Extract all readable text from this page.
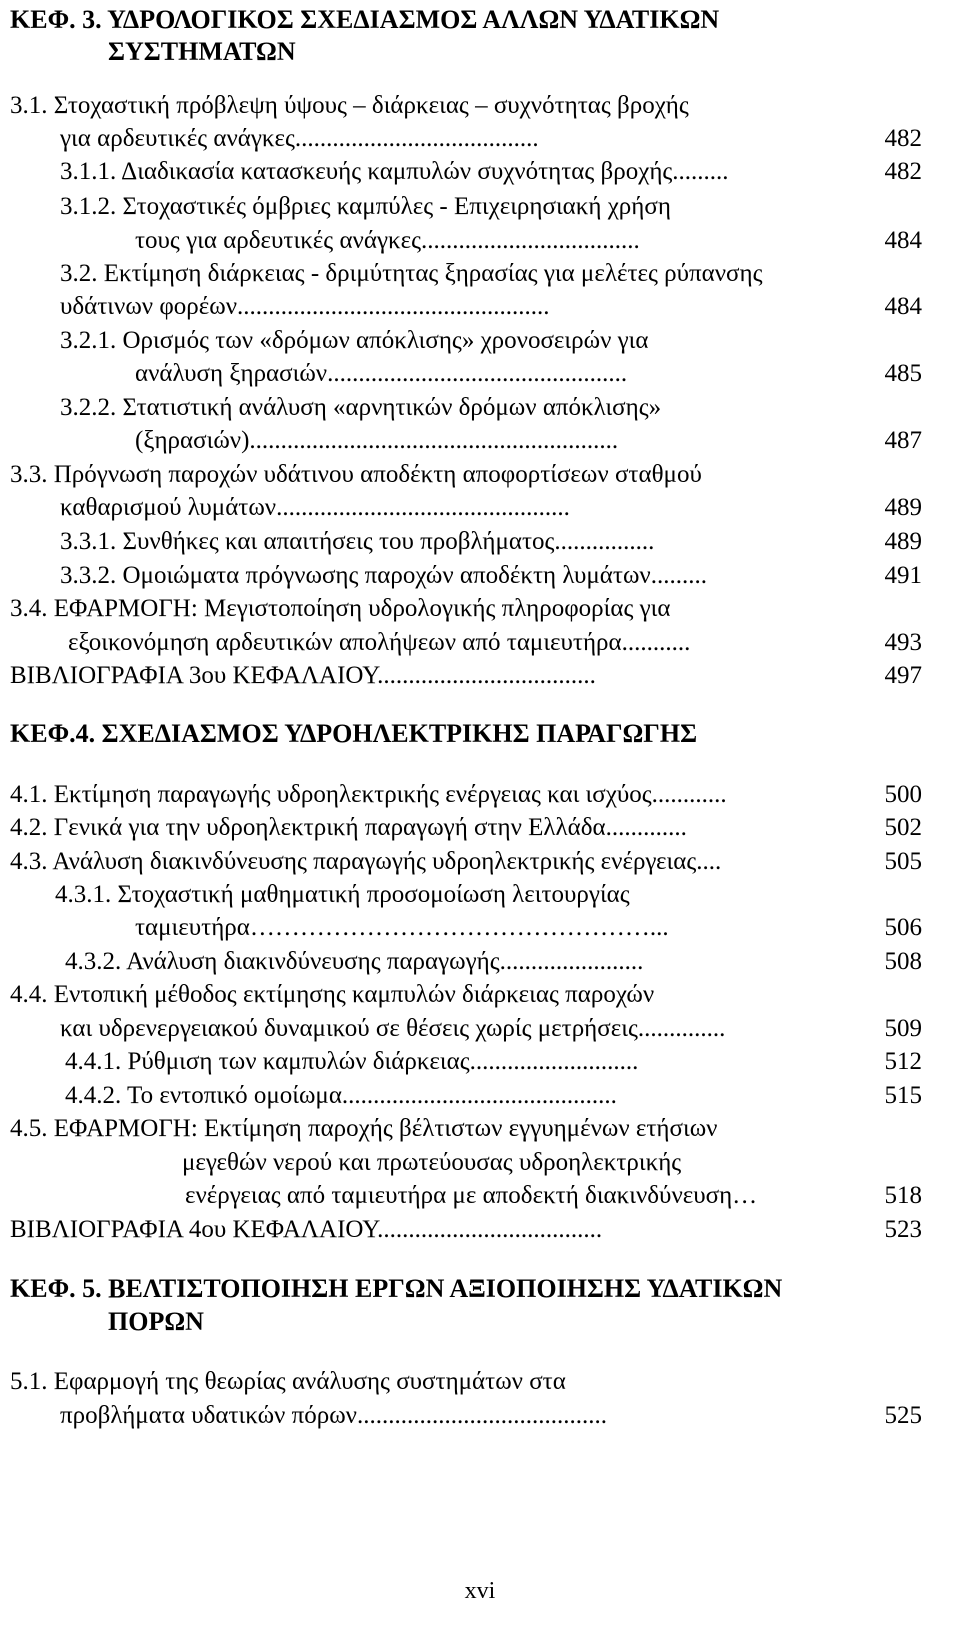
ΚΕΦ. 3. ΥΔΡΟΛΟΓΙΚΟΣ ΣΧΕΔΙΑΣΜΟΣ ΑΛΛΩΝ ΥΔΑΤΙΚΩΝ
ΣΥΣΤΗΜΑΤΩΝ
3.1. Στοχαστική πρόβλεψη ύψους – διάρκειας – συχνότητας βροχής
για αρδευτικές ανάγκες.......................................	482
3.1.1. Διαδικασία κατασκευής καμπυλών συχνότητας βροχής.........	482
3.1.2. Στοχαστικές όμβριες καμπύλες - Επιχειρησιακή χρήση
τους για αρδευτικές ανάγκες...................................	484
3.2. Εκτίμηση διάρκειας - δριμύτητας ξηρασίας για μελέτες ρύπανσης
υδάτινων φορέων..................................................	484
3.2.1. Ορισμός των «δρόμων απόκλισης» χρονοσειρών για
ανάλυση ξηρασιών................................................	485
3.2.2. Στατιστική ανάλυση «αρνητικών δρόμων απόκλισης»
(ξηρασιών)...........................................................	487
3.3. Πρόγνωση παροχών υδάτινου αποδέκτη αποφορτίσεων σταθμού
καθαρισμού λυμάτων...............................................	489
3.3.1. Συνθήκες και απαιτήσεις του προβλήματος................	489
3.3.2. Ομοιώματα πρόγνωσης παροχών αποδέκτη λυμάτων.........	491
3.4. ΕΦΑΡΜΟΓΗ: Μεγιστοποίηση υδρολογικής πληροφορίας για
εξοικονόμηση αρδευτικών απολήψεων από ταμιευτήρα...........	493
ΒΙΒΛΙΟΓΡΑΦΙΑ 3ου ΚΕΦΑΛΑΙΟΥ...................................	497
ΚΕΦ.4. ΣΧΕΔΙΑΣΜΟΣ ΥΔΡΟΗΛΕΚΤΡΙΚΗΣ ΠΑΡΑΓΩΓΗΣ
4.1. Εκτίμηση παραγωγής υδροηλεκτρικής ενέργειας και ισχύος............	500
4.2. Γενικά για την υδροηλεκτρική παραγωγή στην Ελλάδα.............	502
4.3. Ανάλυση διακινδύνευσης παραγωγής υδροηλεκτρικής ενέργειας....	505
4.3.1. Στοχαστική μαθηματική προσομοίωση λειτουργίας
ταμιευτήρα…………………………………………...	506
4.3.2. Ανάλυση διακινδύνευσης παραγωγής.......................	508
4.4. Εντοπική μέθοδος εκτίμησης καμπυλών διάρκειας παροχών
και υδρενεργειακού δυναμικού σε θέσεις χωρίς μετρήσεις..............	509
4.4.1. Ρύθμιση των καμπυλών διάρκειας...........................	512
4.4.2. Το εντοπικό ομοίωμα............................................	515
4.5. ΕΦΑΡΜΟΓΗ: Εκτίμηση παροχής βέλτιστων εγγυημένων ετήσιων
μεγεθών νερού και πρωτεύουσας υδροηλεκτρικής
ενέργειας από ταμιευτήρα με αποδεκτή διακινδύνευση…	518
ΒΙΒΛΙΟΓΡΑΦΙΑ 4ου ΚΕΦΑΛΑΙΟΥ....................................	523
ΚΕΦ. 5. ΒΕΛΤΙΣΤΟΠΟΙΗΣΗ ΕΡΓΩΝ ΑΞΙΟΠΟΙΗΣΗΣ ΥΔΑΤΙΚΩΝ
ΠΟΡΩΝ
5.1. Εφαρμογή της θεωρίας ανάλυσης συστημάτων στα
προβλήματα υδατικών πόρων........................................	525
xvi
